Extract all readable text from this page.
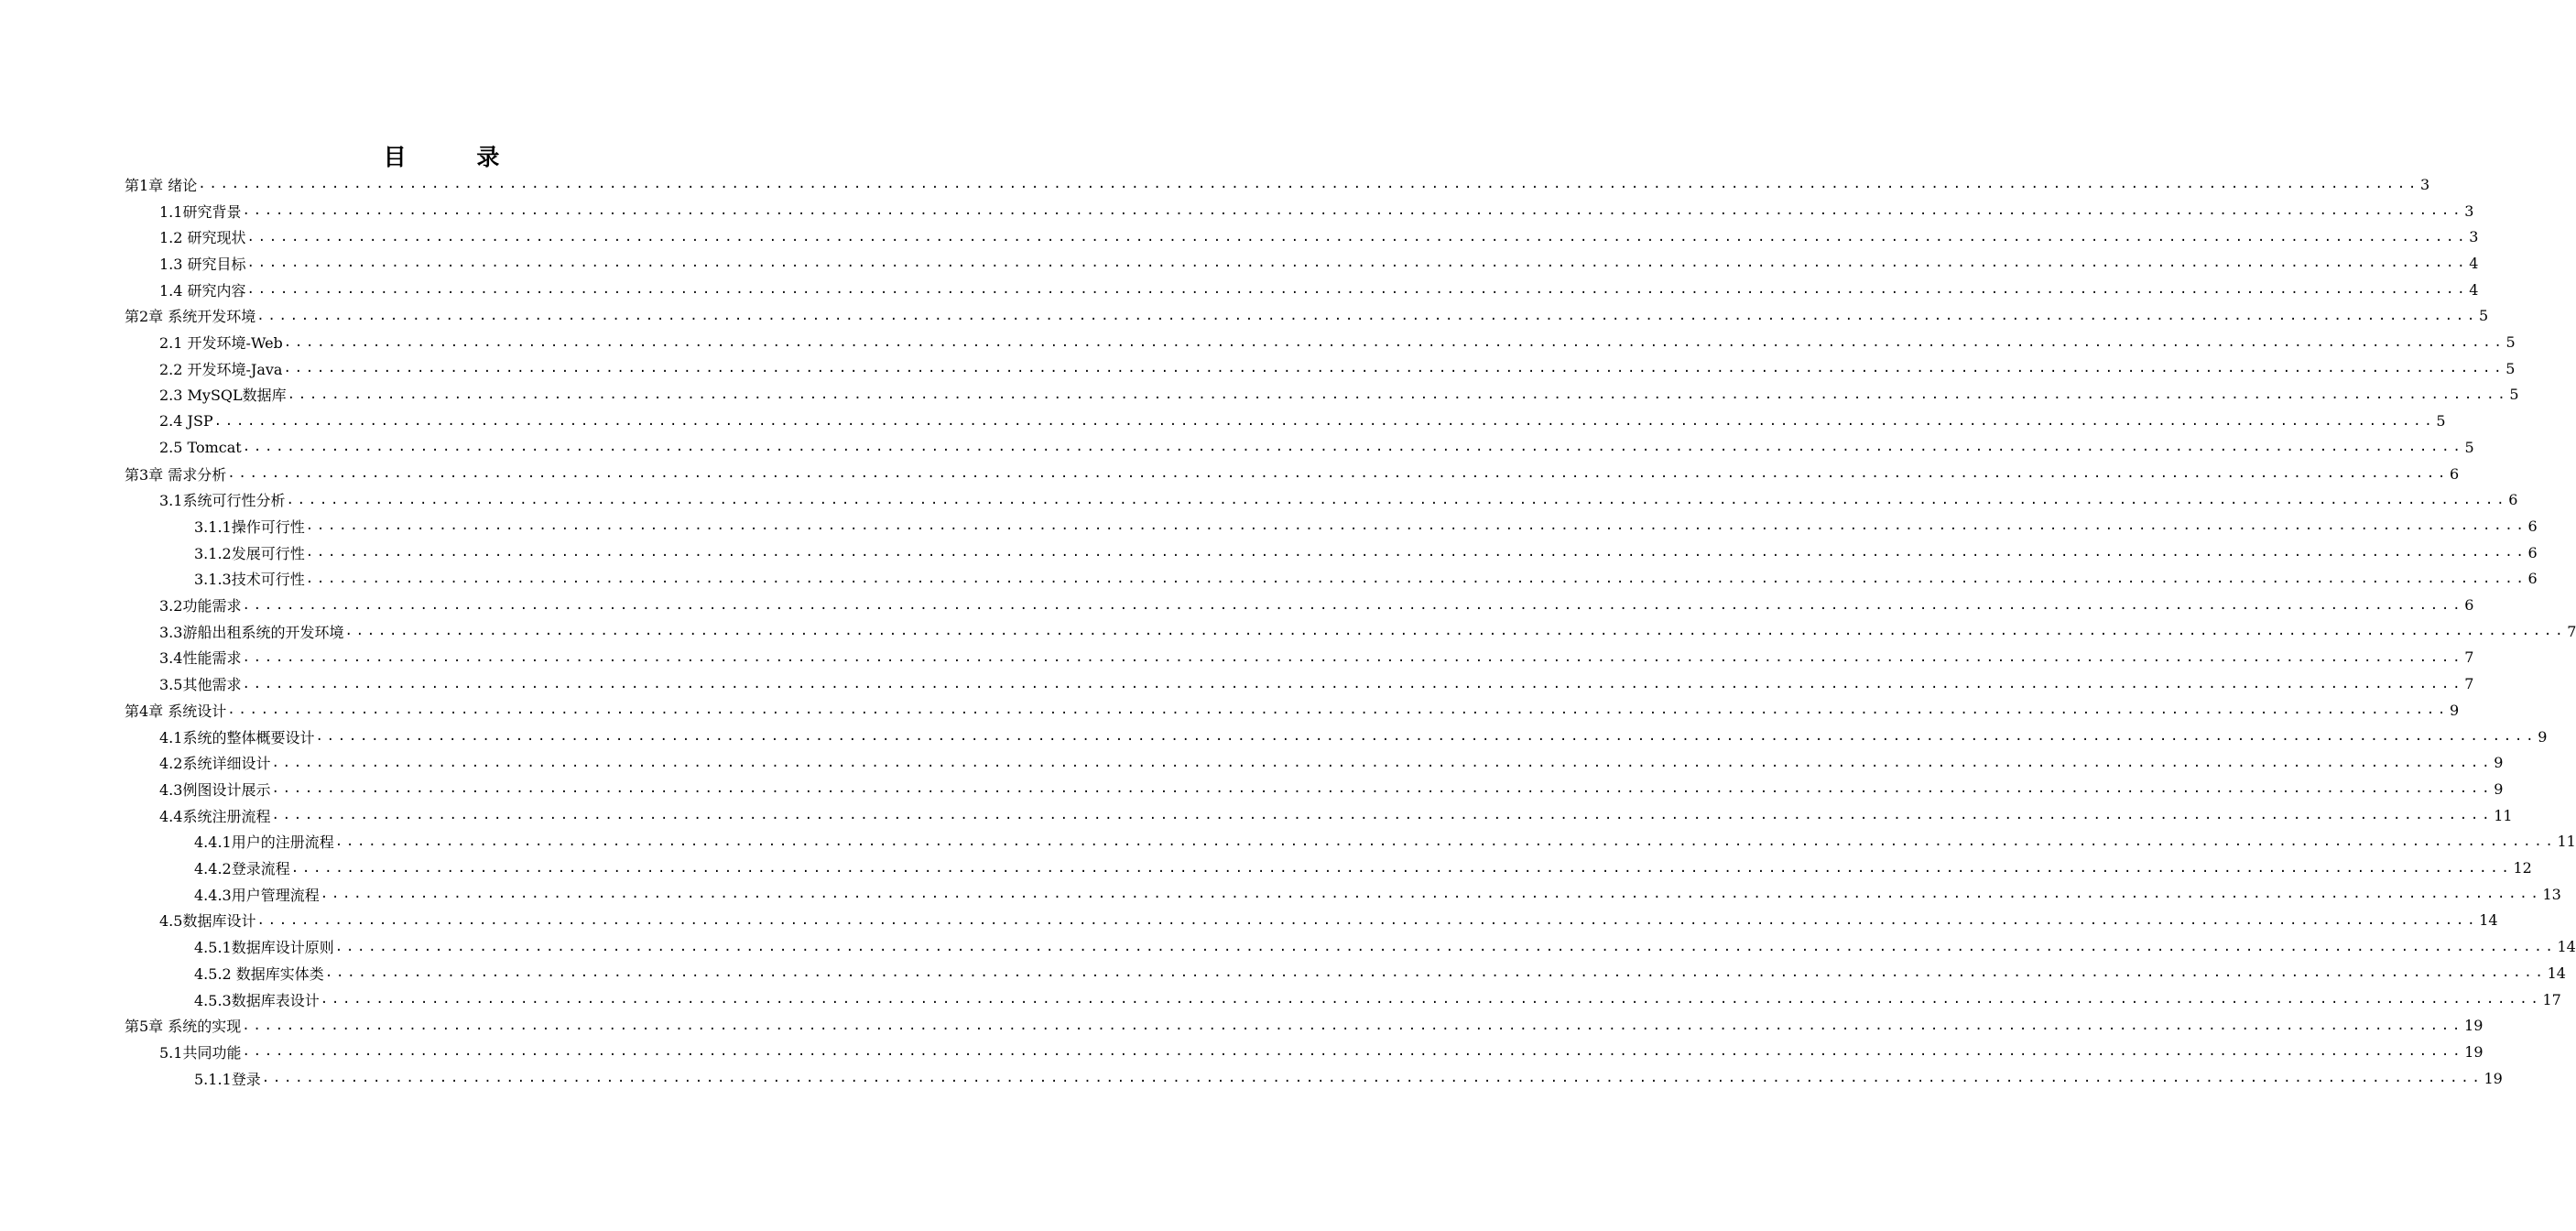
目 录
第1章 绪论 ........................................................................................................................................................................................................ 3
1.1研究背景 ........................................................................................................................................................................................................ 3
1.2 研究现状 ........................................................................................................................................................................................................ 3
1.3 研究目标 ........................................................................................................................................................................................................ 4
1.4 研究内容 ........................................................................................................................................................................................................ 4
第2章 系统开发环境 ........................................................................................................................................................................................................ 5
2.1 开发环境-Web ........................................................................................................................................................................................................ 5
2.2 开发环境-Java ........................................................................................................................................................................................................ 5
2.3 MySQL数据库 ........................................................................................................................................................................................................ 5
2.4 JSP ........................................................................................................................................................................................................ 5
2.5 Tomcat ........................................................................................................................................................................................................ 5
第3章 需求分析 ........................................................................................................................................................................................................ 6
3.1系统可行性分析 ........................................................................................................................................................................................................ 6
3.1.1操作可行性 ........................................................................................................................................................................................................ 6
3.1.2发展可行性 ........................................................................................................................................................................................................ 6
3.1.3技术可行性 ........................................................................................................................................................................................................ 6
3.2功能需求 ........................................................................................................................................................................................................ 6
3.3游船出租系统的开发环境 ........................................................................................................................................................................................................ 7
3.4性能需求 ........................................................................................................................................................................................................ 7
3.5其他需求 ........................................................................................................................................................................................................ 7
第4章 系统设计 ........................................................................................................................................................................................................ 9
4.1系统的整体概要设计 ........................................................................................................................................................................................................ 9
4.2系统详细设计 ........................................................................................................................................................................................................ 9
4.3例图设计展示 ........................................................................................................................................................................................................ 9
4.4系统注册流程 ........................................................................................................................................................................................................ 11
4.4.1用户的注册流程 ........................................................................................................................................................................................................ 11
4.4.2登录流程 ........................................................................................................................................................................................................ 12
4.4.3用户管理流程 ........................................................................................................................................................................................................ 13
4.5数据库设计 ........................................................................................................................................................................................................ 14
4.5.1数据库设计原则 ........................................................................................................................................................................................................ 14
4.5.2 数据库实体类 ........................................................................................................................................................................................................ 14
4.5.3数据库表设计 ........................................................................................................................................................................................................ 17
第5章 系统的实现 ........................................................................................................................................................................................................ 19
5.1共同功能 ........................................................................................................................................................................................................ 19
5.1.1登录 ........................................................................................................................................................................................................ 19
